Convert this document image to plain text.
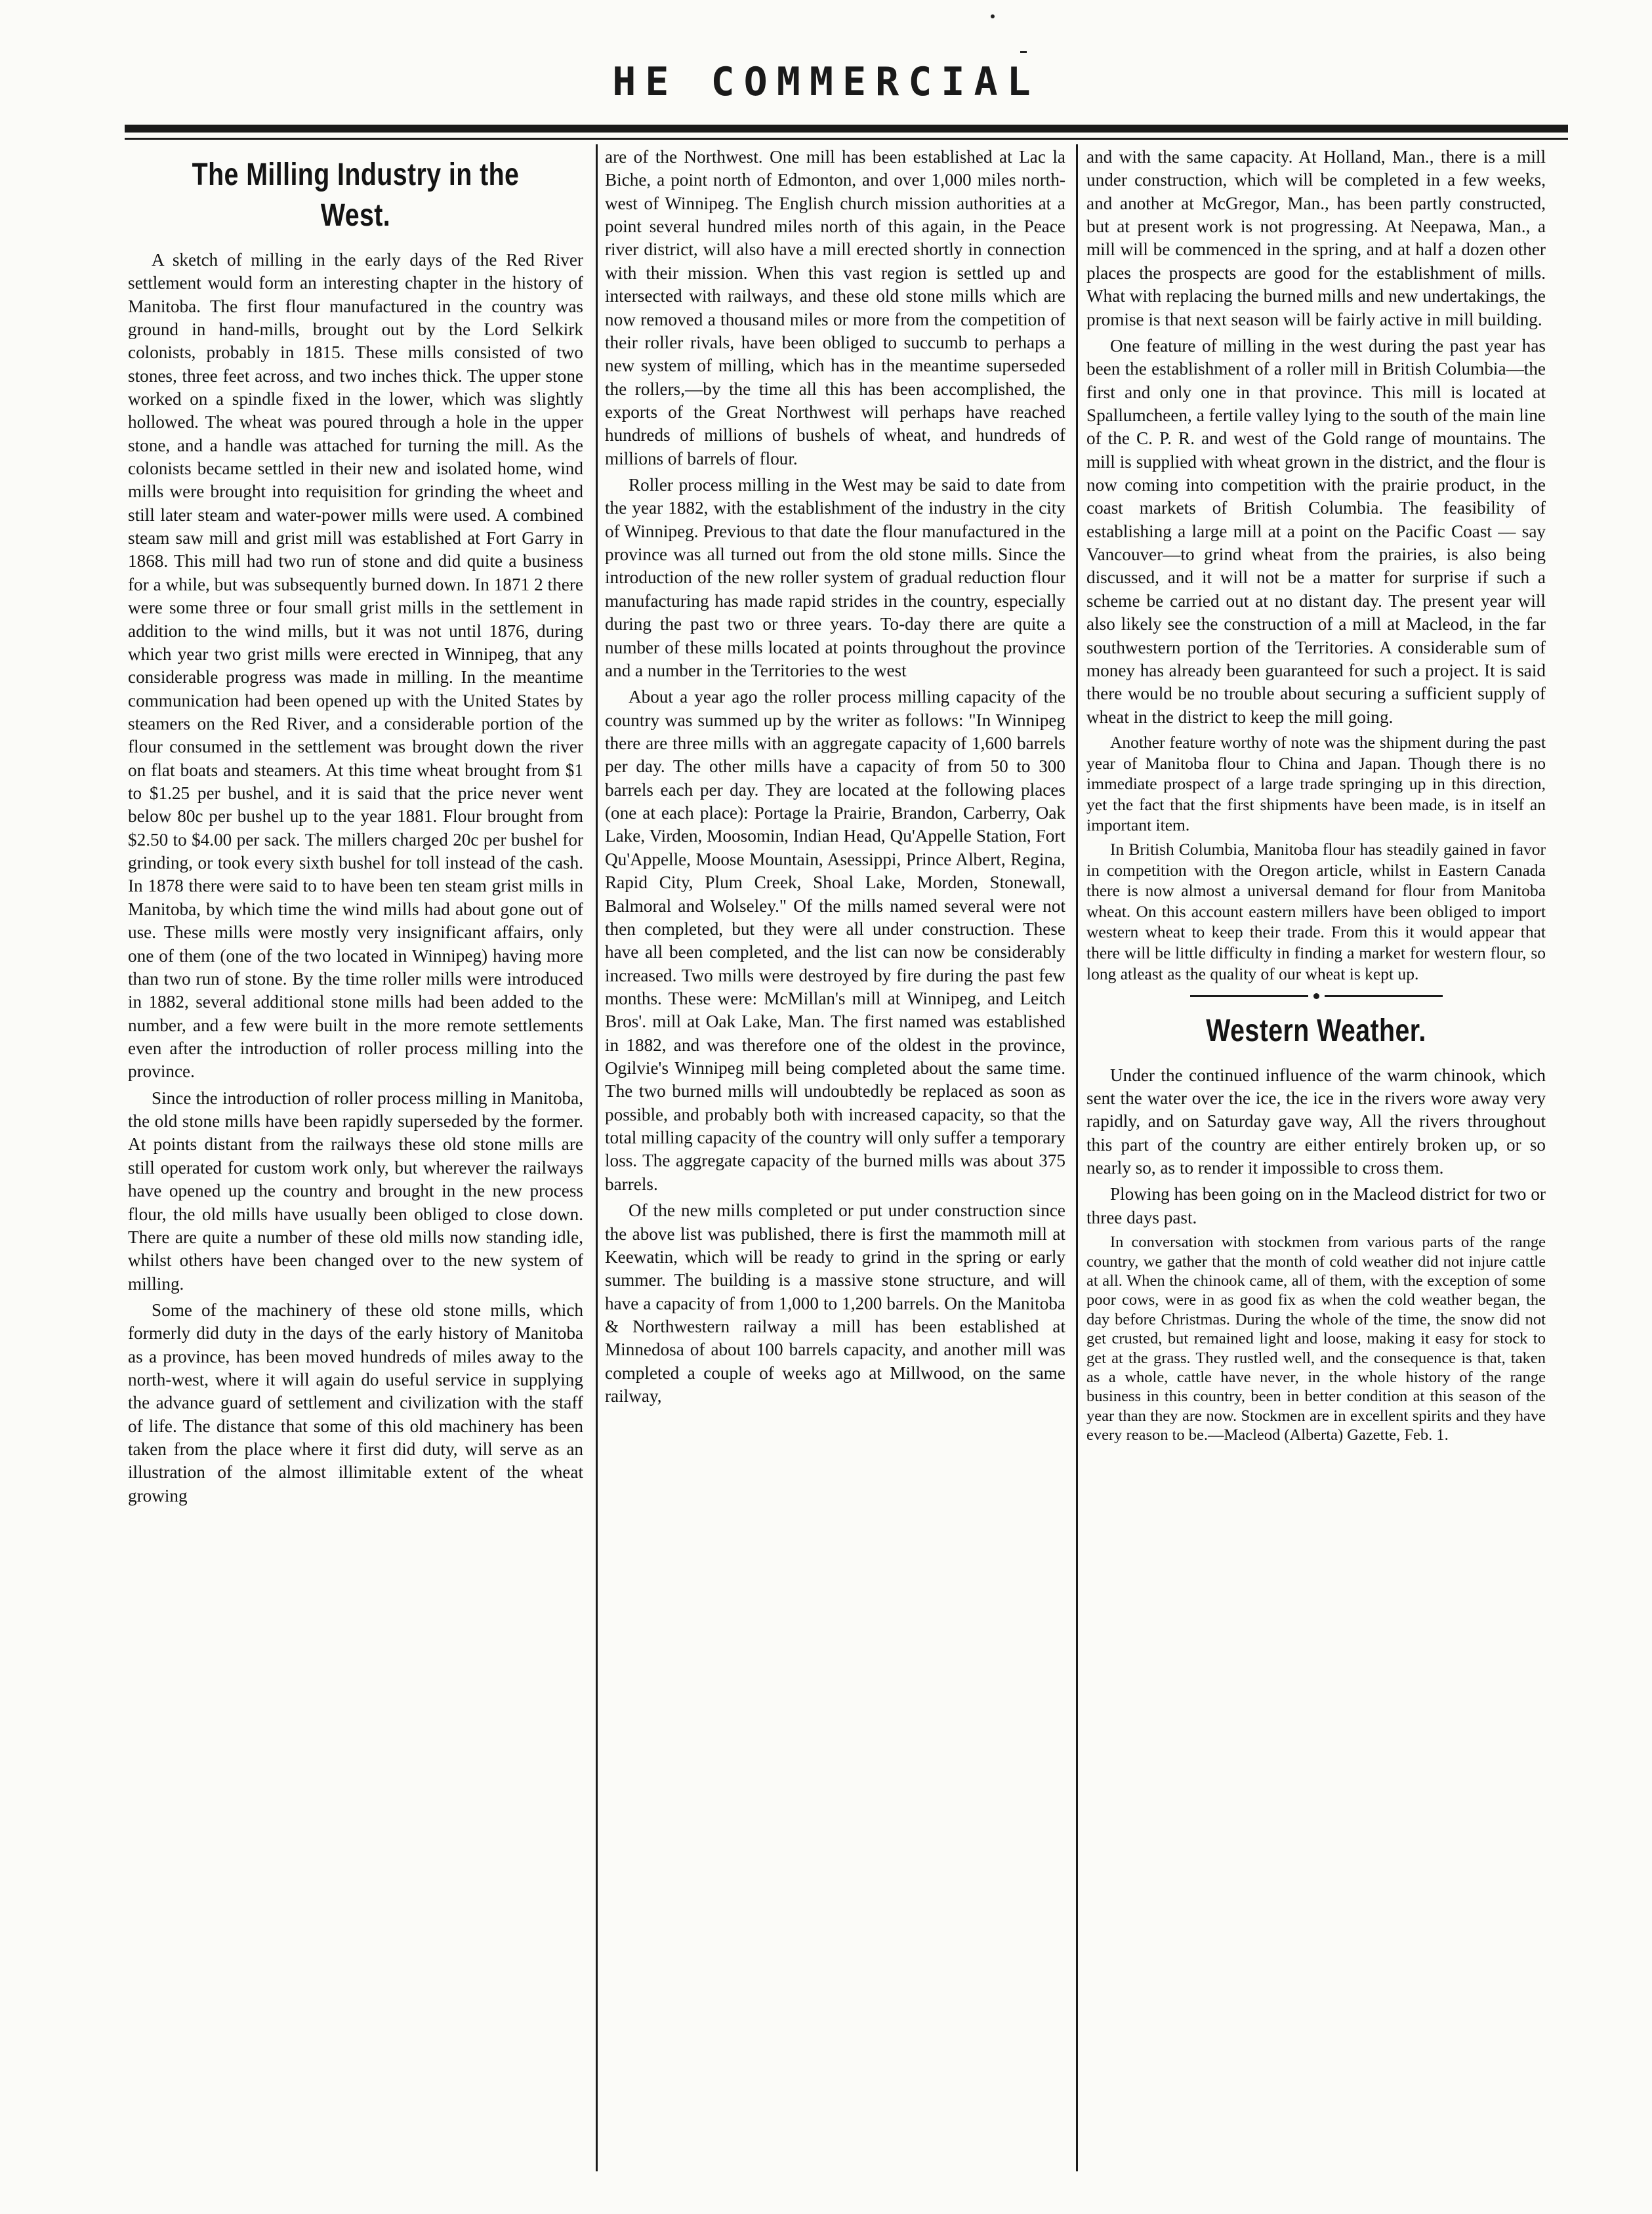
HE COMMERCIAL
The Milling Industry in the West.

A sketch of milling in the early days of the Red River settlement would form an interesting chapter in the history of Manitoba. The first flour manufactured in the country was ground in hand-mills, brought out by the Lord Selkirk colonists, probably in 1815. These mills consisted of two stones, three feet across, and two inches thick. The upper stone worked on a spindle fixed in the lower, which was slightly hollowed. The wheat was poured through a hole in the upper stone, and a handle was attached for turning the mill. As the colonists became settled in their new and isolated home, wind mills were brought into requisition for grinding the wheet and still later steam and water-power mills were used. A combined steam saw mill and grist mill was established at Fort Garry in 1868. This mill had two run of stone and did quite a business for a while, but was subsequently burned down. In 1871 2 there were some three or four small grist mills in the settlement in addition to the wind mills, but it was not until 1876, during which year two grist mills were erected in Winnipeg, that any considerable progress was made in milling. In the meantime communication had been opened up with the United States by steamers on the Red River, and a considerable portion of the flour consumed in the settlement was brought down the river on flat boats and steamers. At this time wheat brought from $1 to $1.25 per bushel, and it is said that the price never went below 80c per bushel up to the year 1881. Flour brought from $2.50 to $4.00 per sack. The millers charged 20c per bushel for grinding, or took every sixth bushel for toll instead of the cash. In 1878 there were said to to have been ten steam grist mills in Manitoba, by which time the wind mills had about gone out of use. These mills were mostly very insignificant affairs, only one of them (one of the two located in Winnipeg) having more than two run of stone. By the time roller mills were introduced in 1882, several additional stone mills had been added to the number, and a few were built in the more remote settlements even after the introduction of roller process milling into the province.

Since the introduction of roller process milling in Manitoba, the old stone mills have been rapidly superseded by the former. At points distant from the railways these old stone mills are still operated for custom work only, but wherever the railways have opened up the country and brought in the new process flour, the old mills have usually been obliged to close down. There are quite a number of these old mills now standing idle, whilst others have been changed over to the new system of milling.

Some of the machinery of these old stone mills, which formerly did duty in the days of the early history of Manitoba as a province, has been moved hundreds of miles away to the north-west, where it will again do useful service in supplying the advance guard of settlement and civilization with the staff of life. The distance that some of this old machinery has been taken from the place where it first did duty, will serve as an illustration of the almost illimitable extent of the wheat growing

are of the Northwest. One mill has been established at Lac la Biche, a point north of Edmonton, and over 1,000 miles north-west of Winnipeg. The English church mission authorities at a point several hundred miles north of this again, in the Peace river district, will also have a mill erected shortly in connection with their mission. When this vast region is settled up and intersected with railways, and these old stone mills which are now removed a thousand miles or more from the competition of their roller rivals, have been obliged to succumb to perhaps a new system of milling, which has in the meantime superseded the rollers,—by the time all this has been accomplished, the exports of the Great Northwest will perhaps have reached hundreds of millions of bushels of wheat, and hundreds of millions of barrels of flour.

Roller process milling in the West may be said to date from the year 1882, with the establishment of the industry in the city of Winnipeg. Previous to that date the flour manufactured in the province was all turned out from the old stone mills. Since the introduction of the new roller system of gradual reduction flour manufacturing has made rapid strides in the country, especially during the past two or three years. To-day there are quite a number of these mills located at points throughout the province and a number in the Territories to the west

About a year ago the roller process milling capacity of the country was summed up by the writer as follows: "In Winnipeg there are three mills with an aggregate capacity of 1,600 barrels per day. The other mills have a capacity of from 50 to 300 barrels each per day. They are located at the following places (one at each place): Portage la Prairie, Brandon, Carberry, Oak Lake, Virden, Moosomin, Indian Head, Qu'Appelle Station, Fort Qu'Appelle, Moose Mountain, Asessippi, Prince Albert, Regina, Rapid City, Plum Creek, Shoal Lake, Morden, Stonewall, Balmoral and Wolseley." Of the mills named several were not then completed, but they were all under construction. These have all been completed, and the list can now be considerably increased. Two mills were destroyed by fire during the past few months. These were: McMillan's mill at Winnipeg, and Leitch Bros'. mill at Oak Lake, Man. The first named was established in 1882, and was therefore one of the oldest in the province, Ogilvie's Winnipeg mill being completed about the same time. The two burned mills will undoubtedly be replaced as soon as possible, and probably both with increased capacity, so that the total milling capacity of the country will only suffer a temporary loss. The aggregate capacity of the burned mills was about 375 barrels.

Of the new mills completed or put under construction since the above list was published, there is first the mammoth mill at Keewatin, which will be ready to grind in the spring or early summer. The building is a massive stone structure, and will have a capacity of from 1,000 to 1,200 barrels. On the Manitoba & Northwestern railway a mill has been established at Minnedosa of about 100 barrels capacity, and another mill was completed a couple of weeks ago at Millwood, on the same railway,

and with the same capacity. At Holland, Man., there is a mill under construction, which will be completed in a few weeks, and another at McGregor, Man., has been partly constructed, but at present work is not progressing. At Neepawa, Man., a mill will be commenced in the spring, and at half a dozen other places the prospects are good for the establishment of mills. What with replacing the burned mills and new undertakings, the promise is that next season will be fairly active in mill building.

One feature of milling in the west during the past year has been the establishment of a roller mill in British Columbia—the first and only one in that province. This mill is located at Spallumcheen, a fertile valley lying to the south of the main line of the C. P. R. and west of the Gold range of mountains. The mill is supplied with wheat grown in the district, and the flour is now coming into competition with the prairie product, in the coast markets of British Columbia. The feasibility of establishing a large mill at a point on the Pacific Coast — say Vancouver—to grind wheat from the prairies, is also being discussed, and it will not be a matter for surprise if such a scheme be carried out at no distant day. The present year will also likely see the construction of a mill at Macleod, in the far southwestern portion of the Territories. A considerable sum of money has already been guaranteed for such a project. It is said there would be no trouble about securing a sufficient supply of wheat in the district to keep the mill going.

Another feature worthy of note was the shipment during the past year of Manitoba flour to China and Japan. Though there is no immediate prospect of a large trade springing up in this direction, yet the fact that the first shipments have been made, is in itself an important item.

In British Columbia, Manitoba flour has steadily gained in favor in competition with the Oregon article, whilst in Eastern Canada there is now almost a universal demand for flour from Manitoba wheat. On this account eastern millers have been obliged to import western wheat to keep their trade. From this it would appear that there will be little difficulty in finding a market for western flour, so long atleast as the quality of our wheat is kept up.

Western Weather.

Under the continued influence of the warm chinook, which sent the water over the ice, the ice in the rivers wore away very rapidly, and on Saturday gave way, All the rivers throughout this part of the country are either entirely broken up, or so nearly so, as to render it impossible to cross them.

Plowing has been going on in the Macleod district for two or three days past.

In conversation with stockmen from various parts of the range country, we gather that the month of cold weather did not injure cattle at all. When the chinook came, all of them, with the exception of some poor cows, were in as good fix as when the cold weather began, the day before Christmas. During the whole of the time, the snow did not get crusted, but remained light and loose, making it easy for stock to get at the grass. They rustled well, and the consequence is that, taken as a whole, cattle have never, in the whole history of the range business in this country, been in better condition at this season of the year than they are now. Stockmen are in excellent spirits and they have every reason to be.—Macleod (Alberta) Gazette, Feb. 1.
